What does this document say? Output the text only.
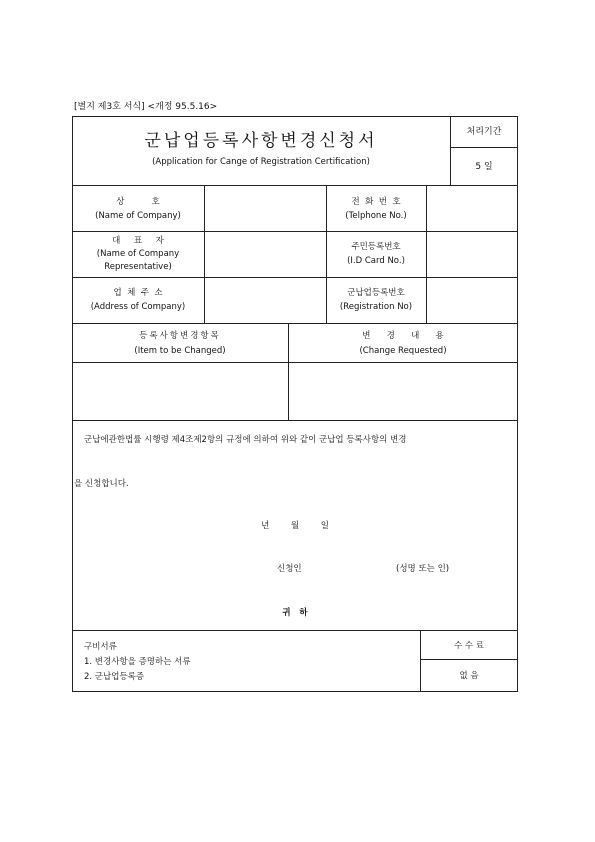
[별지 제3호 서식] <개정 95.5.16>
군납업등록사항변경신청서
(Application for Cange of Registration Certification)
처리기간
5 일
상          호
(Name of Company)
전  화  번  호
(Telphone No.)
대     표     자
(Name of Company
Representative)
주민등록번호
(I.D Card No.)
업  체  주  소
(Address of Company)
군납업등록번호
(Registration No)
등록사항변경항목
(Item to be Changed)
변      경      내      용
(Change Requested)
군납에관한법률 시행령 제4조제2항의 규정에 의하여 위와 같이 군납업 등록사항의 변경
을 신청합니다.
년        월        일
신청인	(성명 또는 인)
귀   하
구비서류
1. 변경사항을 증명하는 서류
2. 군납업등록증
수 수 료
없 음
